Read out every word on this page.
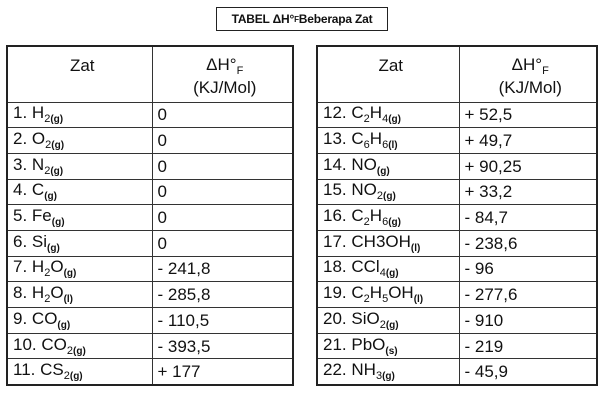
TABEL ΔH° F Beberapa Zat
Zat	$\Delta H^\circ_F$
(KJ/Mol)
1. $H_{2(g)}$	0
2. $O_{2(g)}$	0
3. $N_{2(g)}$	0
4. $C_{(g)}$	0
5. $Fe_{(g)}$	0
6. $Si_{(g)}$	0
7. $H_2O_{(g)}$	- 241,8
8. $H_2O_{(l)}$	- 285,8
9. $CO_{(g)}$	- 110,5
10. $CO_{2(g)}$	- 393,5
11. $CS_{2(g)}$	+ 177
Zat	$\Delta H^\circ_F$
(KJ/Mol)
12. $C_2H_{4(g)}$	+ 52,5
13. $C_6H_{6(l)}$	+ 49,7
14. $NO_{(g)}$	+ 90,25
15. $NO_{2(g)}$	+ 33,2
16. $C_2H_{6(g)}$	- 84,7
17. $CH3OH_{(l)}$	- 238,6
18. CCl$_{4(g)}$	- 96
19. $C_2H_5OH_{(l)}$	- 277,6
20. SiO$_{2(g)}$	- 910
21. PbO$_{(s)}$	- 219
22. $NH_{3(g)}$	- 45,9
